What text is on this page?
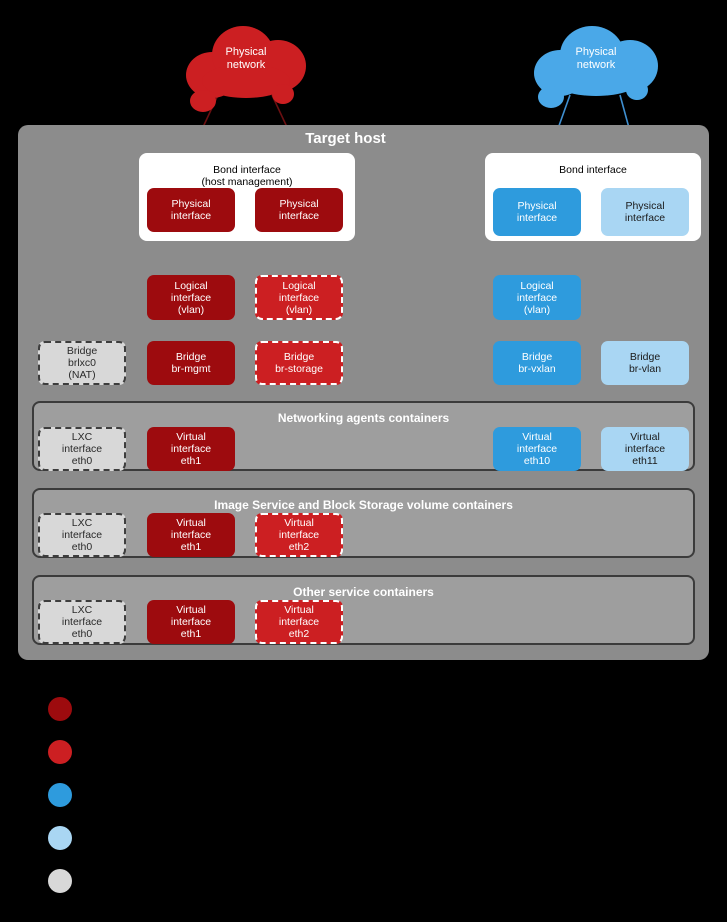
Physical
network
Physical
network
Target host
Bond interface
(host management)
Physical
interface
Physical
interface
Bond interface
Physical
interface
Physical
interface
Logical
interface
(vlan)
Logical
interface
(vlan)
Logical
interface
(vlan)
Bridge
brlxc0
(NAT)
Bridge
br-mgmt
Bridge
br-storage
Bridge
br-vxlan
Bridge
br-vlan
Networking agents containers
LXC
interface
eth0
Virtual
interface
eth1
Virtual
interface
eth10
Virtual
interface
eth11
Image Service and Block Storage volume containers
LXC
interface
eth0
Virtual
interface
eth1
Virtual
interface
eth2
Other service containers
LXC
interface
eth0
Virtual
interface
eth1
Virtual
interface
eth2
